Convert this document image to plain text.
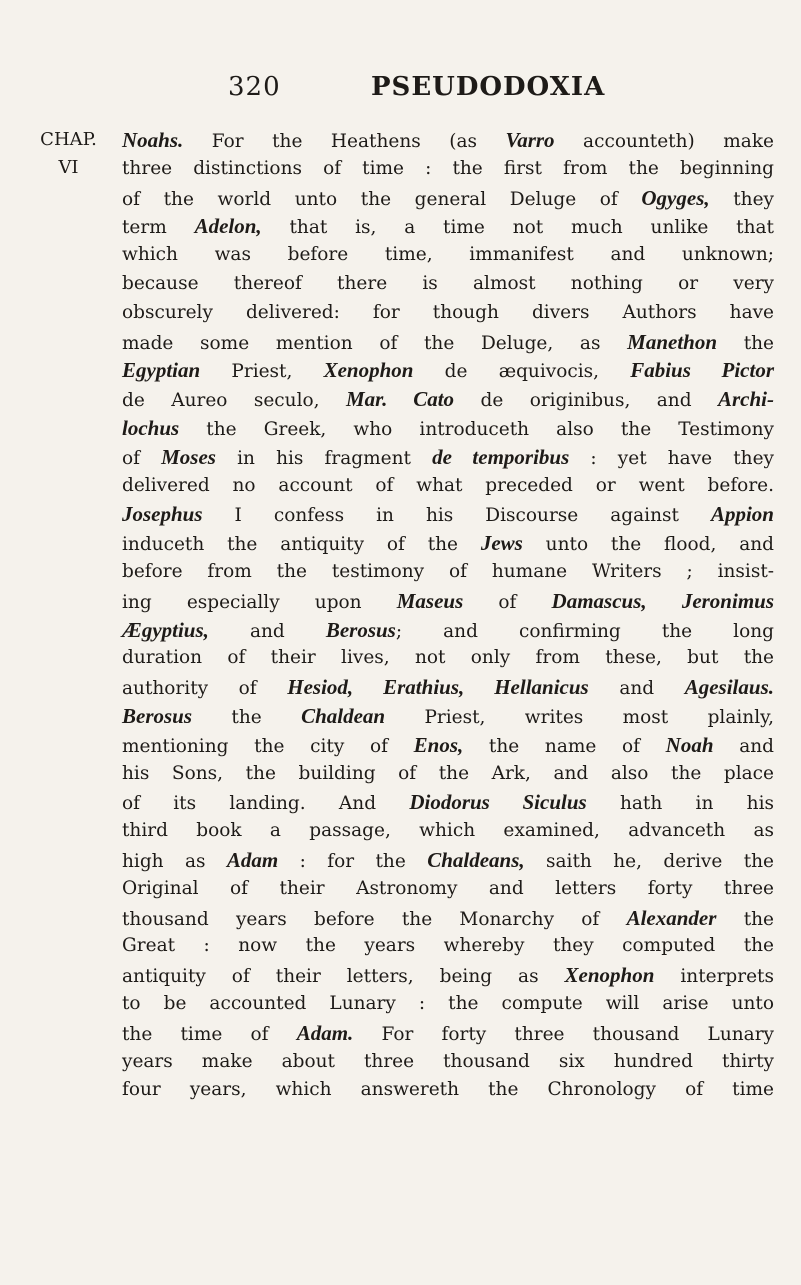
320	PSEUDODOXIA
CHAP.
VI
Noahs. For the Heathens (as Varro accounteth) make
three distinctions of time : the first from the beginning
of the world unto the general Deluge of Ogyges, they
term Adelon, that is, a time not much unlike that
which was before time, immanifest and unknown;
because thereof there is almost nothing or very
obscurely delivered: for though divers Authors have
made some mention of the Deluge, as Manethon the
Egyptian Priest, Xenophon de æquivocis, Fabius Pictor
de Aureo seculo, Mar. Cato de originibus, and Archi-
lochus the Greek, who introduceth also the Testimony
of Moses in his fragment de temporibus : yet have they
delivered no account of what preceded or went before.
Josephus I confess in his Discourse against Appion
induceth the antiquity of the Jews unto the flood, and
before from the testimony of humane Writers ; insist-
ing especially upon Maseus of Damascus, Jeronimus
Ægyptius, and Berosus; and confirming the long
duration of their lives, not only from these, but the
authority of Hesiod, Erathius, Hellanicus and Agesilaus.
Berosus the Chaldean Priest, writes most plainly,
mentioning the city of Enos, the name of Noah and
his Sons, the building of the Ark, and also the place
of its landing. And Diodorus Siculus hath in his
third book a passage, which examined, advanceth as
high as Adam : for the Chaldeans, saith he, derive the
Original of their Astronomy and letters forty three
thousand years before the Monarchy of Alexander the
Great : now the years whereby they computed the
antiquity of their letters, being as Xenophon interprets
to be accounted Lunary : the compute will arise unto
the time of Adam. For forty three thousand Lunary
years make about three thousand six hundred thirty
four years, which answereth the Chronology of time
